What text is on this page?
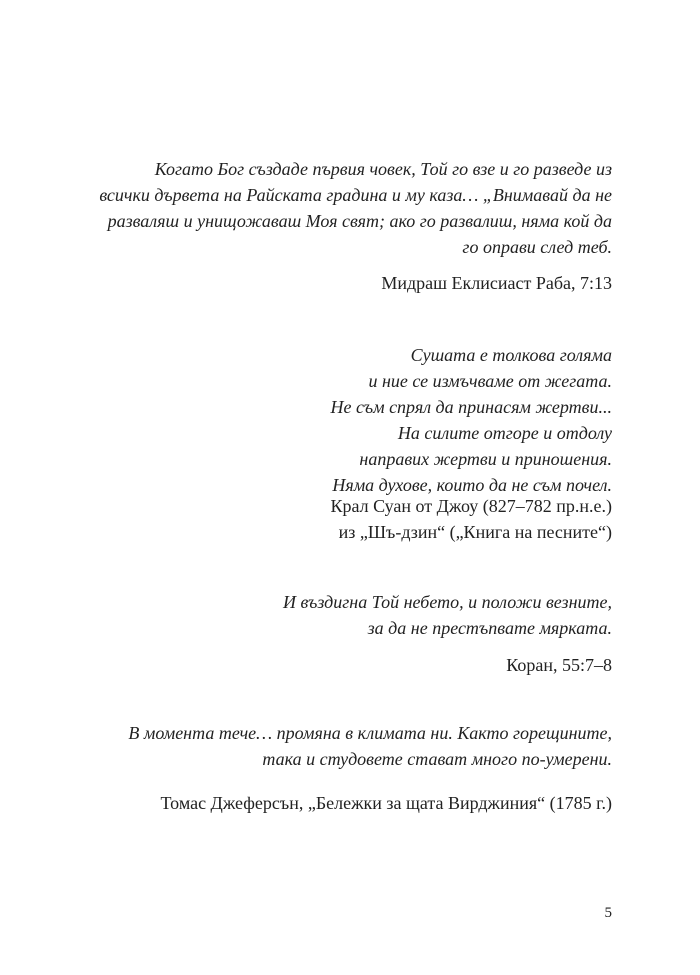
Когато Бог създаде първия човек, Той го взе и го разведе из
всички дървета на Райската градина и му каза… „Внимавай да не
разваляш и унищожаваш Моя свят; ако го развалиш, няма кой да
го оправи след теб.

Мидраш Еклисиаст Раба, 7:13

Сушата е толкова голяма
и ние се измъчваме от жегата.
Не съм спрял да принасям жертви...
На силите отгоре и отдолу
направих жертви и приношения.
Няма духове, които да не съм почел.

Крал Суан от Джоу (827–782 пр.н.е.)
из „Шъ-дзин“ („Книга на песните“)

И въздигна Той небето, и положи везните,
за да не престъпвате мярката.

Коран, 55:7–8

В момента тече… промяна в климата ни. Както горещините,
така и студовете стават много по-умерени.

Томас Джеферсън, „Бележки за щата Вирджиния“ (1785 г.)

5
